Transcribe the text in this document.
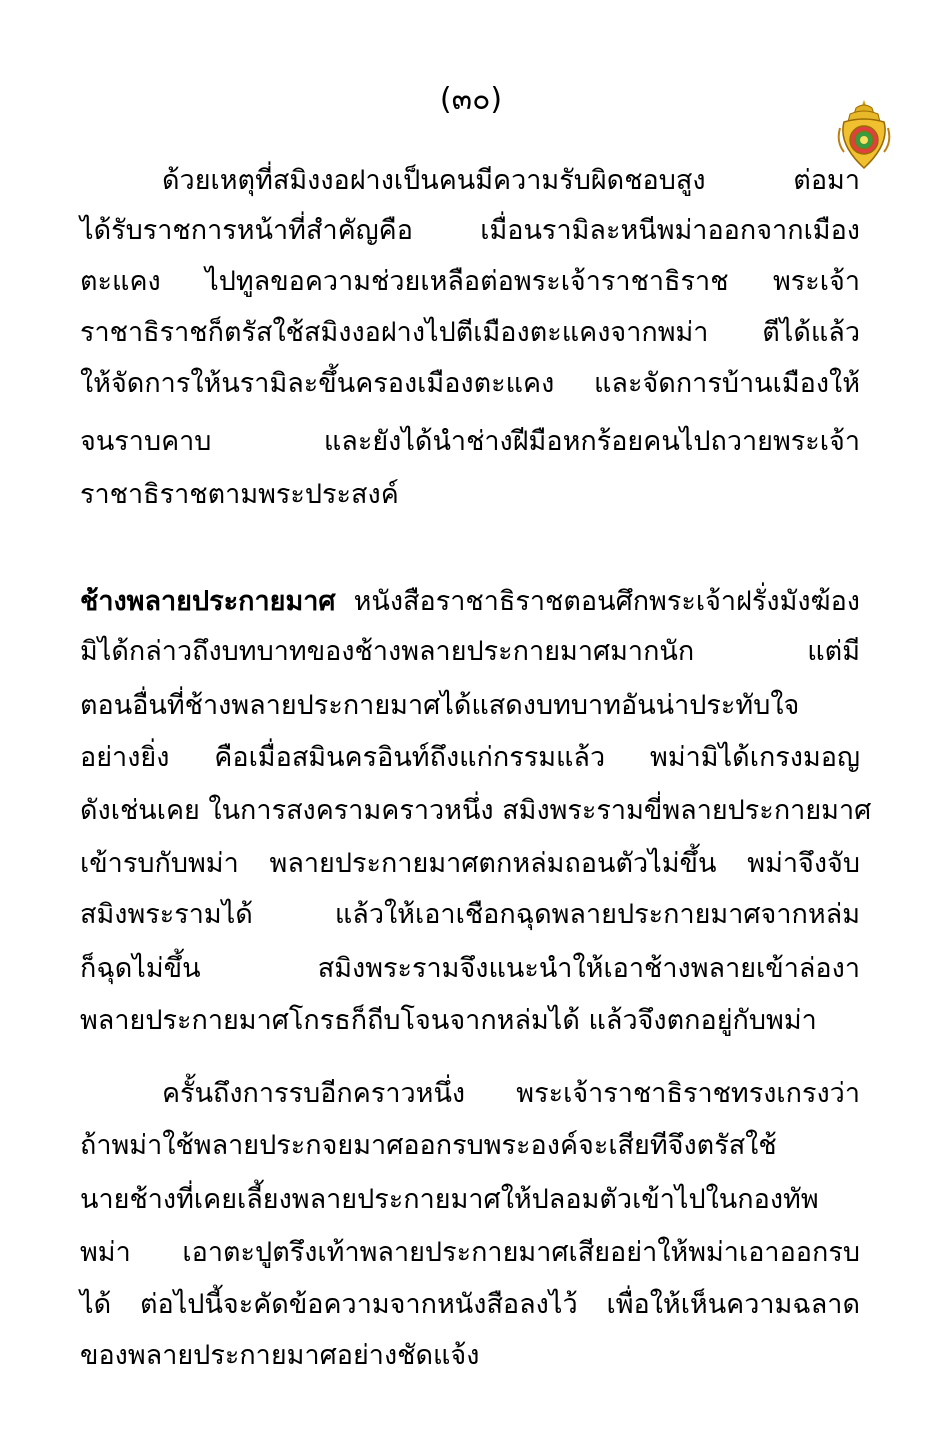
(๓๐)
ด้วยเหตุที่สมิงงอฝางเป็นคนมีความรับผิดชอบสูง ต่อมา
ได้รับราชการหน้าที่สำคัญคือ เมื่อนรามิละหนีพม่าออกจากเมือง
ตะแคง ไปทูลขอความช่วยเหลือต่อพระเจ้าราชาธิราช พระเจ้า
ราชาธิราชก็ตรัสใช้สมิงงอฝางไปตีเมืองตะแคงจากพม่า ตีได้แล้ว
ให้จัดการให้นรามิละขึ้นครองเมืองตะแคง และจัดการบ้านเมืองให้
จนราบคาบ และยังได้นำช่างฝีมือหกร้อยคนไปถวายพระเจ้า
ราชาธิราชตามพระประสงค์
ช้างพลายประกายมาศ หนังสือราชาธิราชตอนศึกพระเจ้าฝรั่งมังฆ้อง
มิได้กล่าวถึงบทบาทของช้างพลายประกายมาศมากนัก แต่มี
ตอนอื่นที่ช้างพลายประกายมาศได้แสดงบทบาทอันน่าประทับใจ
อย่างยิ่ง คือเมื่อสมินครอินท์ถึงแก่กรรมแล้ว พม่ามิได้เกรงมอญ
ดังเช่นเคย ในการสงครามคราวหนึ่ง สมิงพระรามขี่พลายประกายมาศ
เข้ารบกับพม่า พลายประกายมาศตกหล่มถอนตัวไม่ขึ้น พม่าจึงจับ
สมิงพระรามได้ แล้วให้เอาเชือกฉุดพลายประกายมาศจากหล่ม
ก็ฉุดไม่ขึ้น สมิงพระรามจึงแนะนำให้เอาช้างพลายเข้าล่องา
พลายประกายมาศโกรธก็ถีบโจนจากหล่มได้ แล้วจึงตกอยู่กับพม่า
ครั้นถึงการรบอีกคราวหนึ่ง พระเจ้าราชาธิราชทรงเกรงว่า
ถ้าพม่าใช้พลายประกจยมาศออกรบพระองค์จะเสียทีจึงตรัสใช้
นายช้างที่เคยเลี้ยงพลายประกายมาศให้ปลอมตัวเข้าไปในกองทัพ
พม่า เอาตะปูตรึงเท้าพลายประกายมาศเสียอย่าให้พม่าเอาออกรบ
ได้ ต่อไปนี้จะคัดข้อความจากหนังสือลงไว้ เพื่อให้เห็นความฉลาด
ของพลายประกายมาศอย่างชัดแจ้ง
